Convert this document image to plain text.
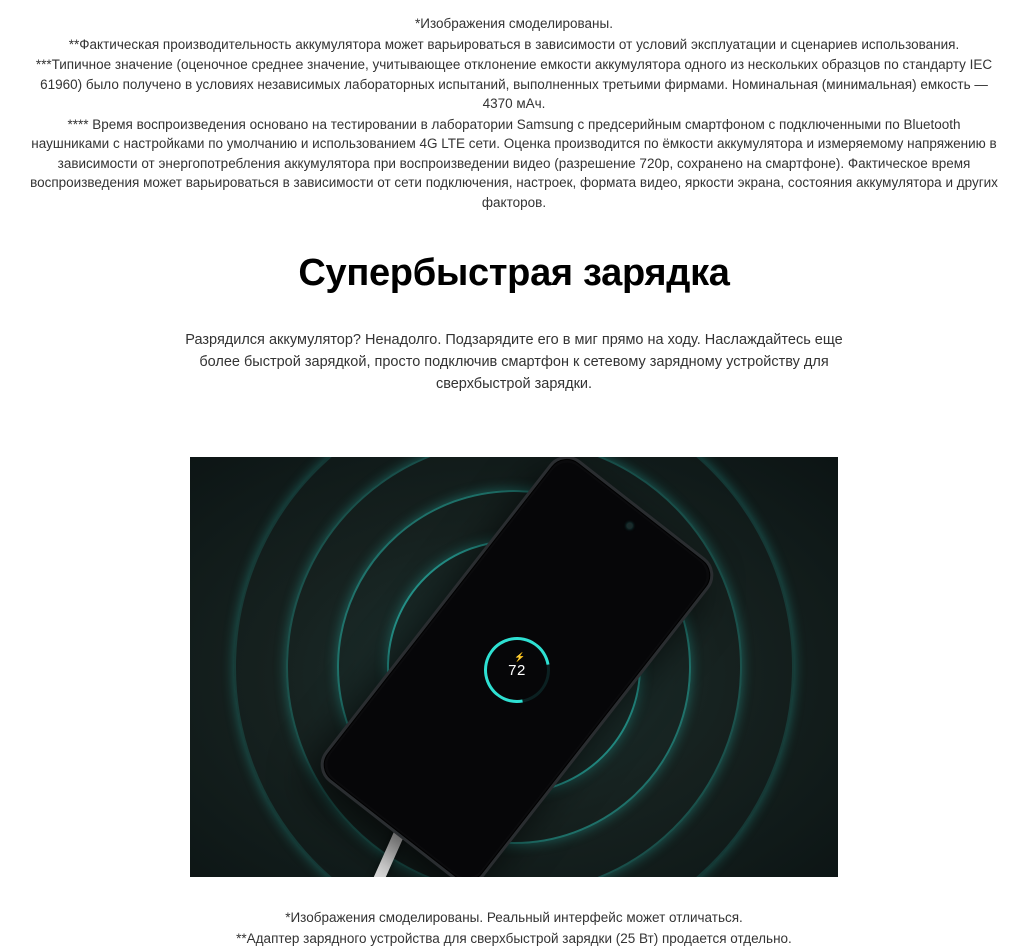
*Изображения смоделированы.

**Фактическая производительность аккумулятора может варьироваться в зависимости от условий эксплуатации и сценариев использования.

***Типичное значение (оценочное среднее значение, учитывающее отклонение емкости аккумулятора одного из нескольких образцов по стандарту IEC 61960) было получено в условиях независимых лабораторных испытаний, выполненных третьими фирмами. Номинальная (минимальная) емкость — 4370 мАч.

**** Время воспроизведения основано на тестировании в лаборатории Samsung с предсерийным смартфоном с подключенными по Bluetooth наушниками с настройками по умолчанию и использованием 4G LTE сети. Оценка производится по ёмкости аккумулятора и измеряемому напряжению в зависимости от энергопотребления аккумулятора при воспроизведении видео (разрешение 720p, сохранено на смартфоне). Фактическое время воспроизведения может варьироваться в зависимости от сети подключения, настроек, формата видео, яркости экрана, состояния аккумулятора и других факторов.

Супербыстрая зарядка

Разрядился аккумулятор? Ненадолго. Подзарядите его в миг прямо на ходу. Наслаждайтесь еще более быстрой зарядкой, просто подключив смартфон к сетевому зарядному устройству для сверхбыстрой зарядки.

⚡
72

*Изображения смоделированы. Реальный интерфейс может отличаться.

**Адаптер зарядного устройства для сверхбыстрой зарядки (25 Вт) продается отдельно.
